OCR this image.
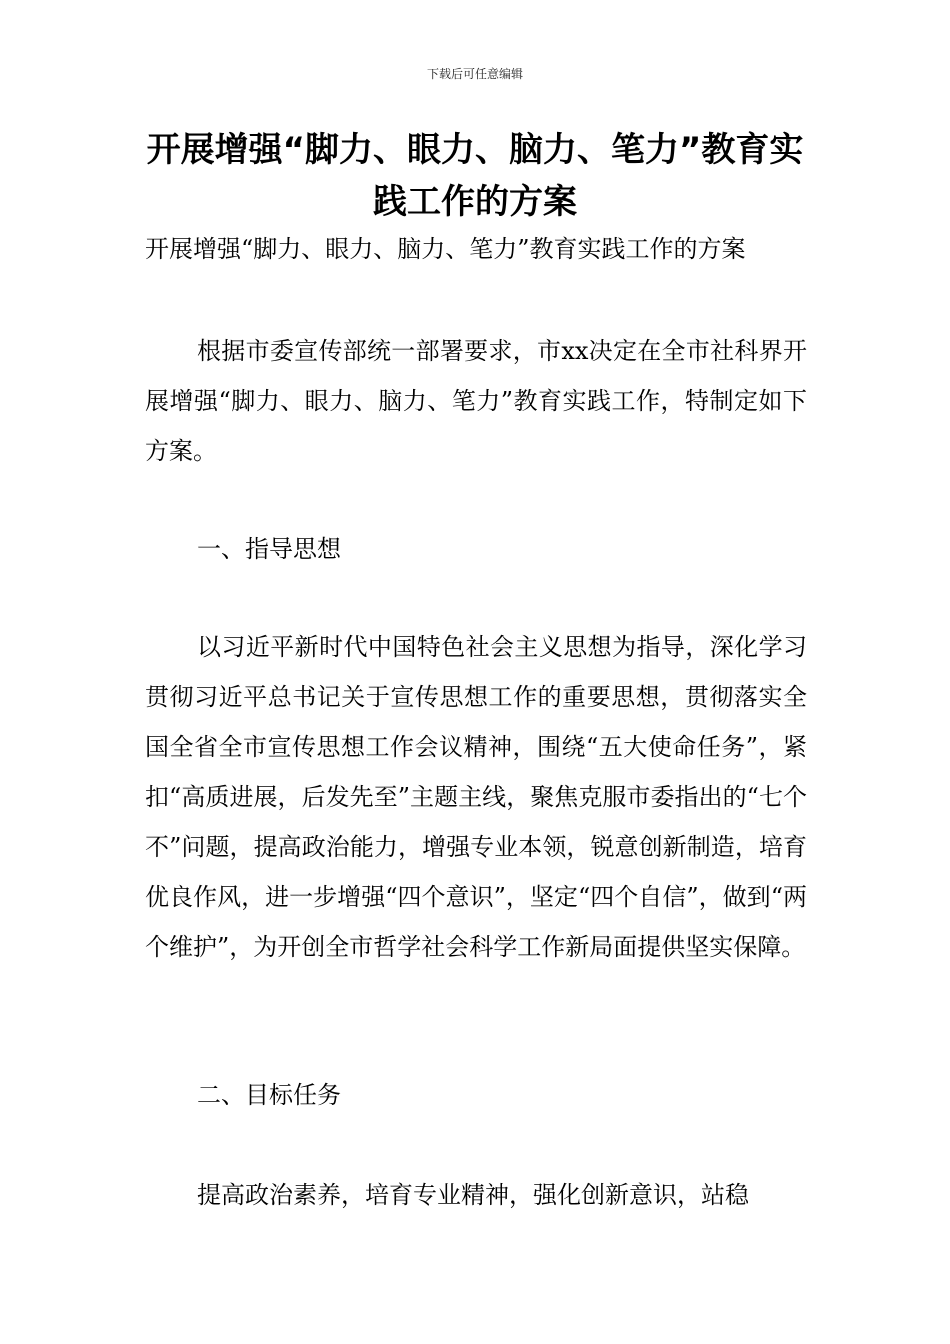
下载后可任意编辑
开展增强“脚力、眼力、脑力、笔力”教育实践工作的方案

开展增强“脚力、眼力、脑力、笔力”教育实践工作的方案

根据市委宣传部统一部署要求，市xx决定在全市社科界开展增强“脚力、眼力、脑力、笔力”教育实践工作，特制定如下方案。

一、指导思想

以习近平新时代中国特色社会主义思想为指导，深化学习贯彻习近平总书记关于宣传思想工作的重要思想，贯彻落实全国全省全市宣传思想工作会议精神，围绕“五大使命任务”，紧扣“高质进展，后发先至”主题主线，聚焦克服市委指出的“七个不”问题，提高政治能力，增强专业本领，锐意创新制造，培育优良作风，进一步增强“四个意识”，坚定“四个自信”，做到“两个维护”，为开创全市哲学社会科学工作新局面提供坚实保障。

二、目标任务

提高政治素养，培育专业精神，强化创新意识，站稳
